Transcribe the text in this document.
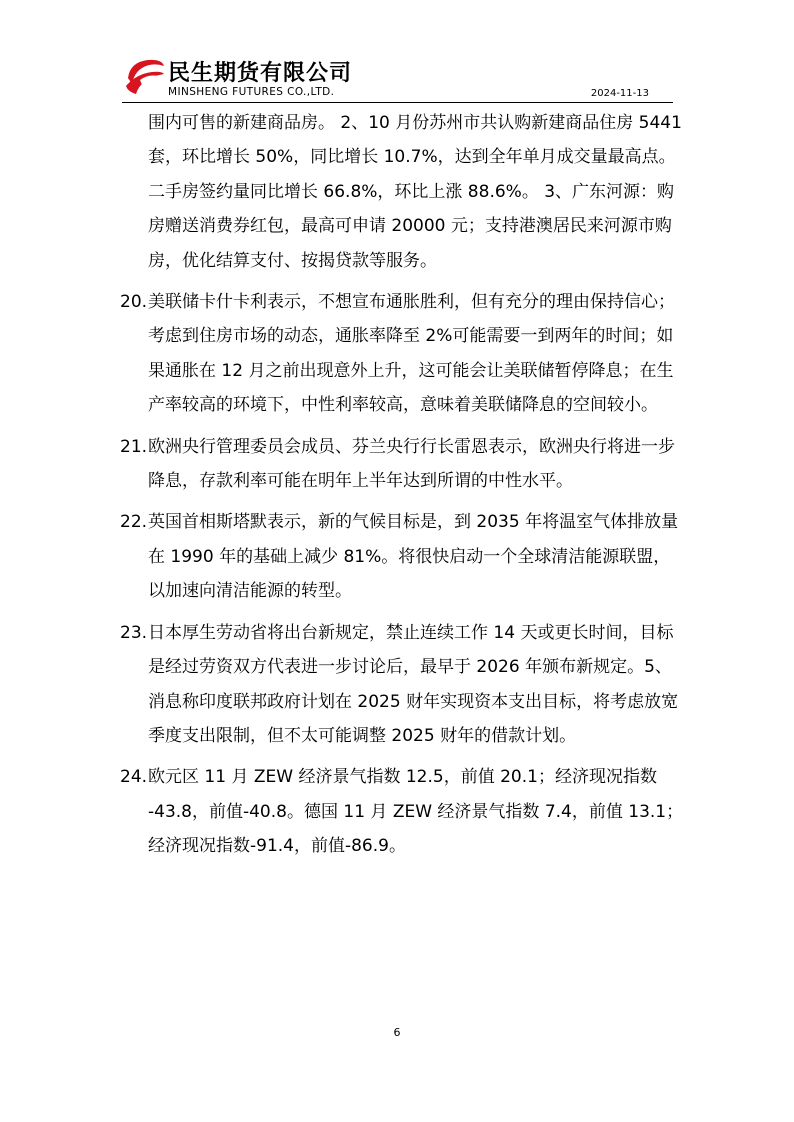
民生期货有限公司
MINSHENG FUTURES CO.,LTD.	2024-11-13

围内可售的新建商品房。 2、10 月份苏州市共认购新建商品住房 5441 套，环比增长 50%，同比增长 10.7%，达到全年单月成交量最高点。二手房签约量同比增长 66.8%，环比上涨 88.6%。 3、广东河源：购房赠送消费券红包，最高可申请 20000 元；支持港澳居民来河源市购房，优化结算支付、按揭贷款等服务。

20. 美联储卡什卡利表示，不想宣布通胀胜利，但有充分的理由保持信心；考虑到住房市场的动态，通胀率降至 2%可能需要一到两年的时间；如果通胀在 12 月之前出现意外上升，这可能会让美联储暂停降息；在生产率较高的环境下，中性利率较高，意味着美联储降息的空间较小。
21. 欧洲央行管理委员会成员、芬兰央行行长雷恩表示，欧洲央行将进一步降息，存款利率可能在明年上半年达到所谓的中性水平。
22. 英国首相斯塔默表示，新的气候目标是，到 2035 年将温室气体排放量在 1990 年的基础上减少 81%。将很快启动一个全球清洁能源联盟，以加速向清洁能源的转型。
23. 日本厚生劳动省将出台新规定，禁止连续工作 14 天或更长时间，目标是经过劳资双方代表进一步讨论后，最早于 2026 年颁布新规定。5、消息称印度联邦政府计划在 2025 财年实现资本支出目标，将考虑放宽季度支出限制，但不太可能调整 2025 财年的借款计划。
24. 欧元区 11 月 ZEW 经济景气指数 12.5，前值 20.1；经济现况指数 -43.8，前值-40.8。德国 11 月 ZEW 经济景气指数 7.4，前值 13.1；经济现况指数-91.4，前值-86.9。
6
